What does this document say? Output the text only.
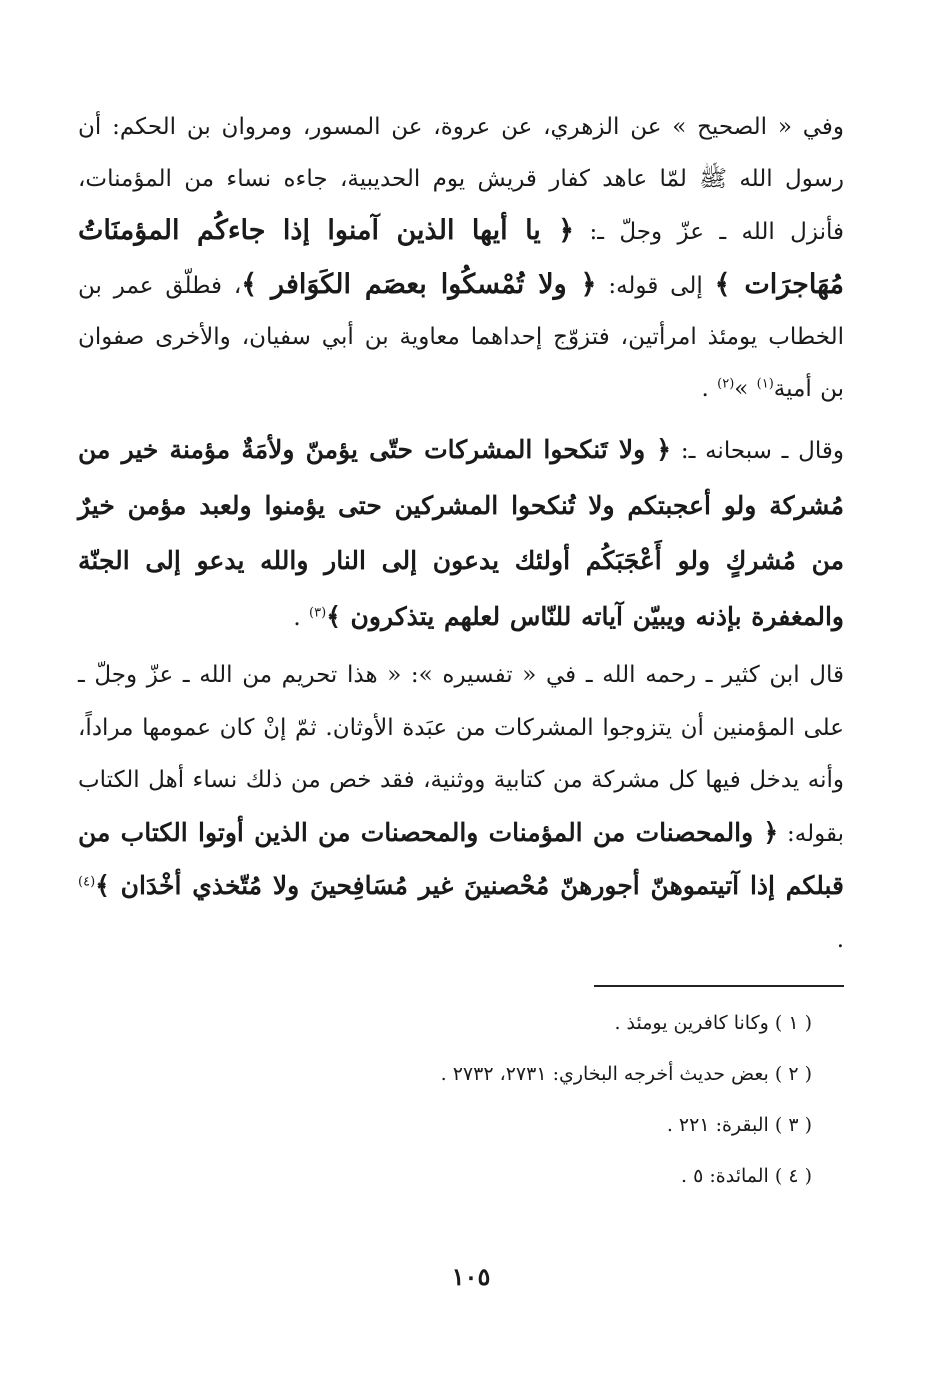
وفي « الصحيح » عن الزهري، عن عروة، عن المسور، ومروان بن الحكم: أن رسول الله ﷺ لمّا عاهد كفار قريش يوم الحديبية، جاءه نساء من المؤمنات، فأنزل الله ـ عزّ وجلّ ـ: ﴿ يا أيها الذين آمنوا إذا جاءكُم المؤمنَاتُ مُهَاجرَات ﴾ إلى قوله: ﴿ ولا تُمْسكُوا بعصَم الكَوَافر ﴾، فطلّق عمر بن الخطاب يومئذ امرأتين، فتزوّج إحداهما معاوية بن أبي سفيان، والأخرى صفوان بن أمية$^{(١)}$ »$^{(٢)}$ .

وقال ـ سبحانه ـ: ﴿ ولا تَنكحوا المشركات حتّى يؤمنّ ولأمَةٌ مؤمنة خير من مُشركة ولو أعجبتكم ولا تُنكحوا المشركين حتى يؤمنوا ولعبد مؤمن خيرٌ من مُشركٍ ولو أَعْجَبَكُم أولئك يدعون إلى النار والله يدعو إلى الجنّة والمغفرة بإذنه ويبيّن آياته للنّاس لعلهم يتذكرون ﴾$^{(٣)}$ .

قال ابن كثير ـ رحمه الله ـ في « تفسيره »: « هذا تحريم من الله ـ عزّ وجلّ ـ على المؤمنين أن يتزوجوا المشركات من عبَدة الأوثان. ثمّ إنْ كان عمومها مراداً، وأنه يدخل فيها كل مشركة من كتابية ووثنية، فقد خص من ذلك نساء أهل الكتاب بقوله: ﴿ والمحصنات من المؤمنات والمحصنات من الذين أوتوا الكتاب من قبلكم إذا آتيتموهنّ أجورهنّ مُحْصنينَ غير مُسَافِحينَ ولا مُتّخذي أخْدَان ﴾$^{(٤)}$ .

( ١ ) وكانا كافرين يومئذ .
( ٢ ) بعض حديث أخرجه البخاري: ٢٧٣١، ٢٧٣٢ .
( ٣ ) البقرة: ٢٢١ .
( ٤ ) المائدة: ٥ .
١٠٥
